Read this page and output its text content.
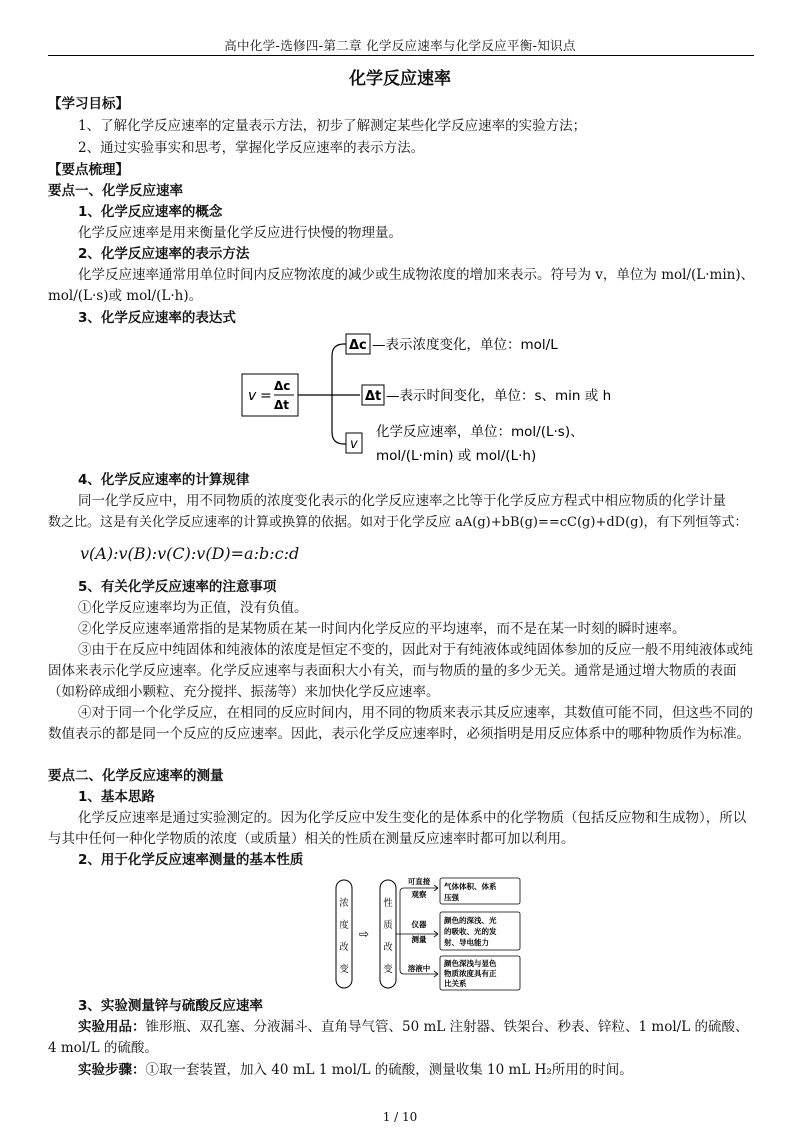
高中化学-选修四-第二章 化学反应速率与化学反应平衡-知识点
化学反应速率
【学习目标】
1、了解化学反应速率的定量表示方法，初步了解测定某些化学反应速率的实验方法；
2、通过实验事实和思考，掌握化学反应速率的表示方法。
【要点梳理】
要点一、化学反应速率
1、化学反应速率的概念
化学反应速率是用来衡量化学反应进行快慢的物理量。
2、化学反应速率的表示方法
化学反应速率通常用单位时间内反应物浓度的减少或生成物浓度的增加来表示。符号为 v，单位为 mol/(L·min)、
mol/(L·s)或 mol/(L·h)。
3、化学反应速率的表达式
v =
Δc
Δt
Δc —表示浓度变化，单位：mol/L
Δt —表示时间变化，单位：s、min 或 h
v
化学反应速率，单位：mol/(L·s)、
mol/(L·min) 或 mol/(L·h)
4、化学反应速率的计算规律
同一化学反应中，用不同物质的浓度变化表示的化学反应速率之比等于化学反应方程式中相应物质的化学计量
数之比。这是有关化学反应速率的计算或换算的依据。如对于化学反应 aA(g)+bB(g)==cC(g)+dD(g)，有下列恒等式：
v(A):v(B):v(C):v(D)=a:b:c:d
5、有关化学反应速率的注意事项
①化学反应速率均为正值，没有负值。
②化学反应速率通常指的是某物质在某一时间内化学反应的平均速率，而不是在某一时刻的瞬时速率。
③由于在反应中纯固体和纯液体的浓度是恒定不变的，因此对于有纯液体或纯固体参加的反应一般不用纯液体或纯固体来表示化学反应速率。化学反应速率与表面积大小有关，而与物质的量的多少无关。通常是通过增大物质的表面（如粉碎成细小颗粒、充分搅拌、振荡等）来加快化学反应速率。
④对于同一个化学反应，在相同的反应时间内，用不同的物质来表示其反应速率，其数值可能不同，但这些不同的数值表示的都是同一个反应的反应速率。因此，表示化学反应速率时，必须指明是用反应体系中的哪种物质作为标准。
要点二、化学反应速率的测量
1、基本思路
化学反应速率是通过实验测定的。因为化学反应中发生变化的是体系中的化学物质（包括反应物和生成物），所以与其中任何一种化学物质的浓度（或质量）相关的性质在测量反应速率时都可加以利用。
2、用于化学反应速率测量的基本性质
浓
度
改
变
⇨
性
质
改
变
可直接
观察
仪器
测量
溶液中
气体体积、体系
压强
颜色的深浅、光
的吸收、光的发
射、导电能力
颜色深浅与显色
物质浓度具有正
比关系
3、实验测量锌与硫酸反应速率
实验用品：锥形瓶、双孔塞、分液漏斗、直角导气管、50 mL 注射器、铁架台、秒表、锌粒、1 mol/L 的硫酸、
4 mol/L 的硫酸。
实验步骤：①取一套装置，加入 40 mL 1 mol/L 的硫酸，测量收集 10 mL H₂所用的时间。
1 / 10
